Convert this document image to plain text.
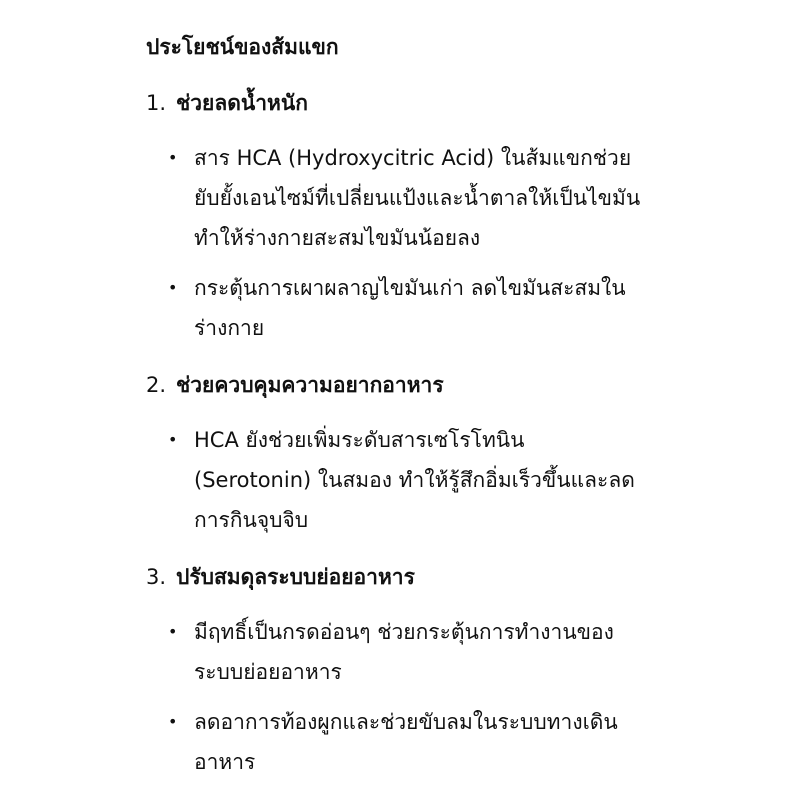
ประโยชน์ของส้มแขก
1. ช่วยลดน้ำหนัก
• สาร HCA (Hydroxycitric Acid) ในส้มแขกช่วยยับยั้งเอนไซม์ที่เปลี่ยนแป้งและน้ำตาลให้เป็นไขมัน ทำให้ร่างกายสะสมไขมันน้อยลง
• กระตุ้นการเผาผลาญไขมันเก่า ลดไขมันสะสมในร่างกาย
2. ช่วยควบคุมความอยากอาหาร
• HCA ยังช่วยเพิ่มระดับสารเซโรโทนิน (Serotonin) ในสมอง ทำให้รู้สึกอิ่มเร็วขึ้นและลดการกินจุบจิบ
3. ปรับสมดุลระบบย่อยอาหาร
• มีฤทธิ์เป็นกรดอ่อนๆ ช่วยกระตุ้นการทำงานของระบบย่อยอาหาร
• ลดอาการท้องผูกและช่วยขับลมในระบบทางเดินอาหาร
